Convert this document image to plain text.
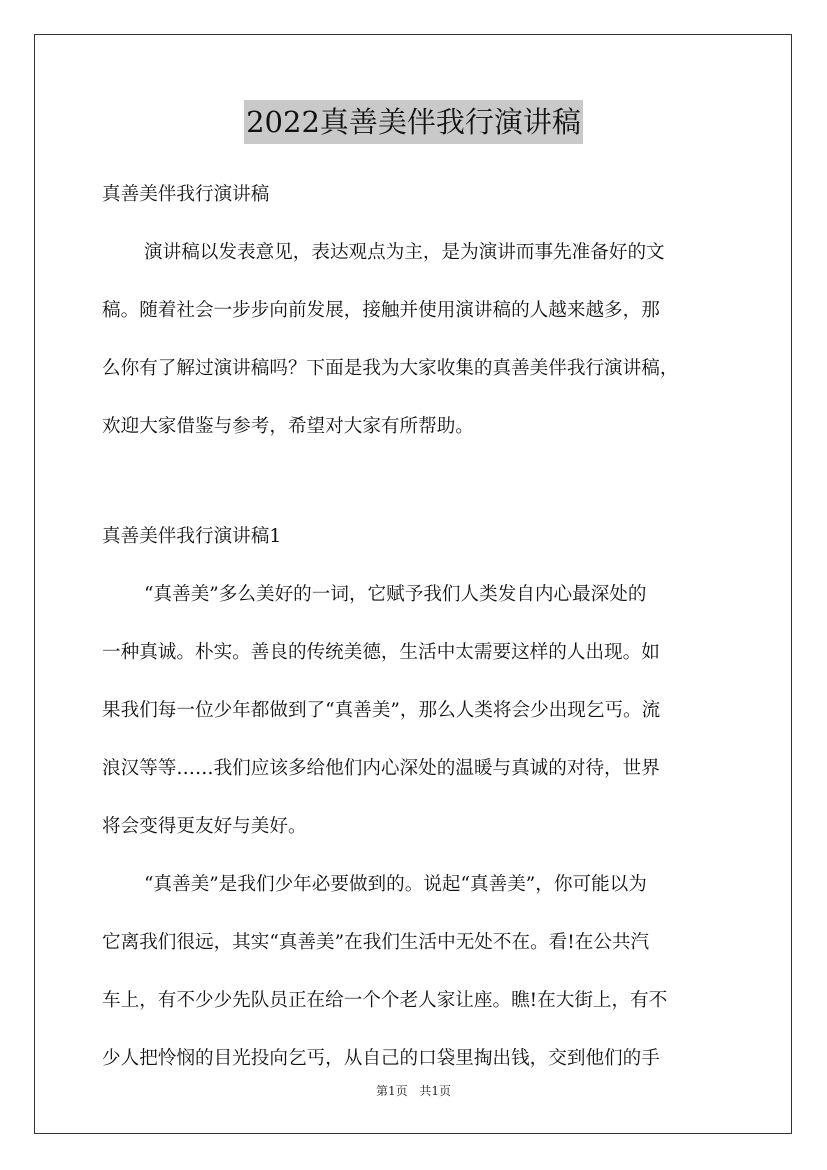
2022真善美伴我行演讲稿
真善美伴我行演讲稿
演讲稿以发表意见，表达观点为主，是为演讲而事先准备好的文
稿。随着社会一步步向前发展，接触并使用演讲稿的人越来越多，那
么你有了解过演讲稿吗？下面是我为大家收集的真善美伴我行演讲稿，
欢迎大家借鉴与参考，希望对大家有所帮助。
真善美伴我行演讲稿1
“真善美”多么美好的一词，它赋予我们人类发自内心最深处的
一种真诚。朴实。善良的传统美德，生活中太需要这样的人出现。如
果我们每一位少年都做到了“真善美”，那么人类将会少出现乞丐。流
浪汉等等……我们应该多给他们内心深处的温暖与真诚的对待，世界
将会变得更友好与美好。
“真善美”是我们少年必要做到的。说起“真善美”，你可能以为
它离我们很远，其实“真善美”在我们生活中无处不在。看!在公共汽
车上，有不少少先队员正在给一个个老人家让座。瞧!在大街上，有不
少人把怜悯的目光投向乞丐，从自己的口袋里掏出钱，交到他们的手
第1页 共1页
